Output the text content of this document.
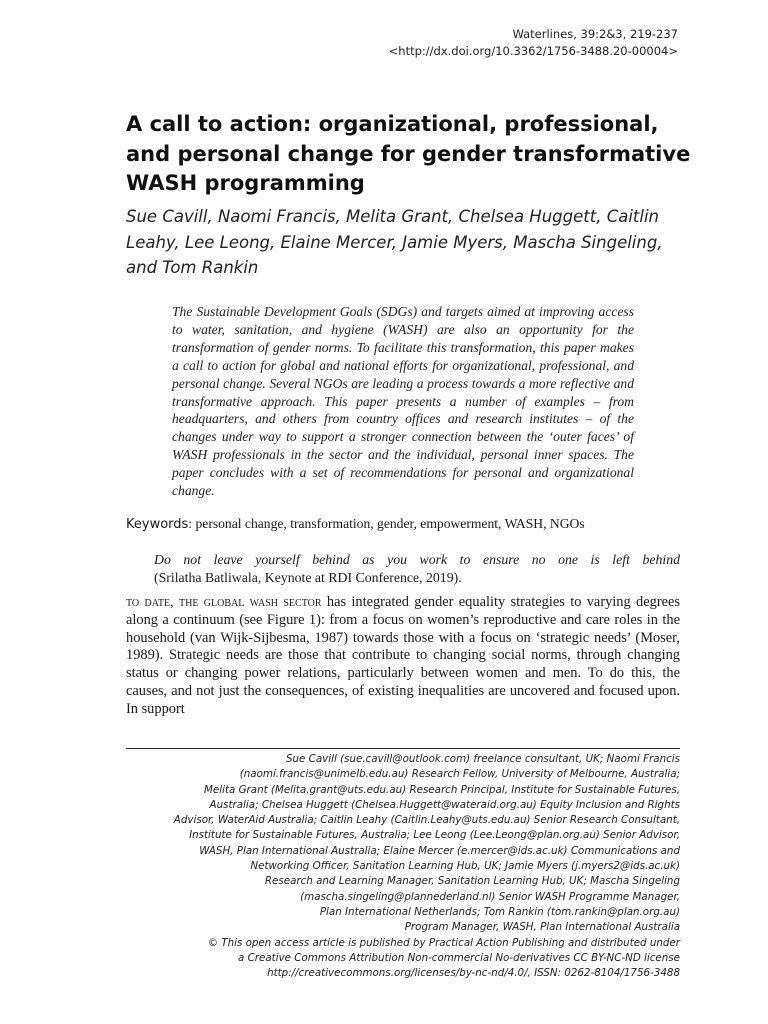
Waterlines, 39:2&3, 219-237
<http://dx.doi.org/10.3362/1756-3488.20-00004>
A call to action: organizational, professional, and personal change for gender transformative WASH programming
Sue Cavill, Naomi Francis, Melita Grant, Chelsea Huggett, Caitlin Leahy, Lee Leong, Elaine Mercer, Jamie Myers, Mascha Singeling, and Tom Rankin
The Sustainable Development Goals (SDGs) and targets aimed at improving access to water, sanitation, and hygiene (WASH) are also an opportunity for the transformation of gender norms. To facilitate this transformation, this paper makes a call to action for global and national efforts for organizational, professional, and personal change. Several NGOs are leading a process towards a more reflective and transformative approach. This paper presents a number of examples – from headquarters, and others from country offices and research institutes – of the changes under way to support a stronger connection between the ‘outer faces’ of WASH professionals in the sector and the individual, personal inner spaces. The paper concludes with a set of recommendations for personal and organizational change.
Keywords: personal change, transformation, gender, empowerment, WASH, NGOs
Do not leave yourself behind as you work to ensure no one is left behind
(Srilatha Batliwala, Keynote at RDI Conference, 2019).
to date, the global wash sector has integrated gender equality strategies to varying degrees along a continuum (see Figure 1): from a focus on women’s reproductive and care roles in the household (van Wijk-Sijbesma, 1987) towards those with a focus on ‘strategic needs’ (Moser, 1989). Strategic needs are those that contribute to changing social norms, through changing status or changing power relations, particularly between women and men. To do this, the causes, and not just the consequences, of existing inequalities are uncovered and focused upon. In support
Sue Cavill (sue.cavill@outlook.com) freelance consultant, UK; Naomi Francis
(naomi.francis@unimelb.edu.au) Research Fellow, University of Melbourne, Australia;
Melita Grant (Melita.grant@uts.edu.au) Research Principal, Institute for Sustainable Futures,
Australia; Chelsea Huggett (Chelsea.Huggett@wateraid.org.au) Equity Inclusion and Rights
Advisor, WaterAid Australia; Caitlin Leahy (Caitlin.Leahy@uts.edu.au) Senior Research Consultant,
Institute for Sustainable Futures, Australia; Lee Leong (Lee.Leong@plan.org.au) Senior Advisor,
WASH, Plan International Australia; Elaine Mercer (e.mercer@ids.ac.uk) Communications and
Networking Officer, Sanitation Learning Hub, UK; Jamie Myers (j.myers2@ids.ac.uk)
Research and Learning Manager, Sanitation Learning Hub, UK; Mascha Singeling
(mascha.singeling@plannederland.nl) Senior WASH Programme Manager,
Plan International Netherlands; Tom Rankin (tom.rankin@plan.org.au)
Program Manager, WASH, Plan International Australia
© This open access article is published by Practical Action Publishing and distributed under
a Creative Commons Attribution Non-commercial No-derivatives CC BY-NC-ND license
http://creativecommons.org/licenses/by-nc-nd/4.0/, ISSN: 0262-8104/1756-3488
